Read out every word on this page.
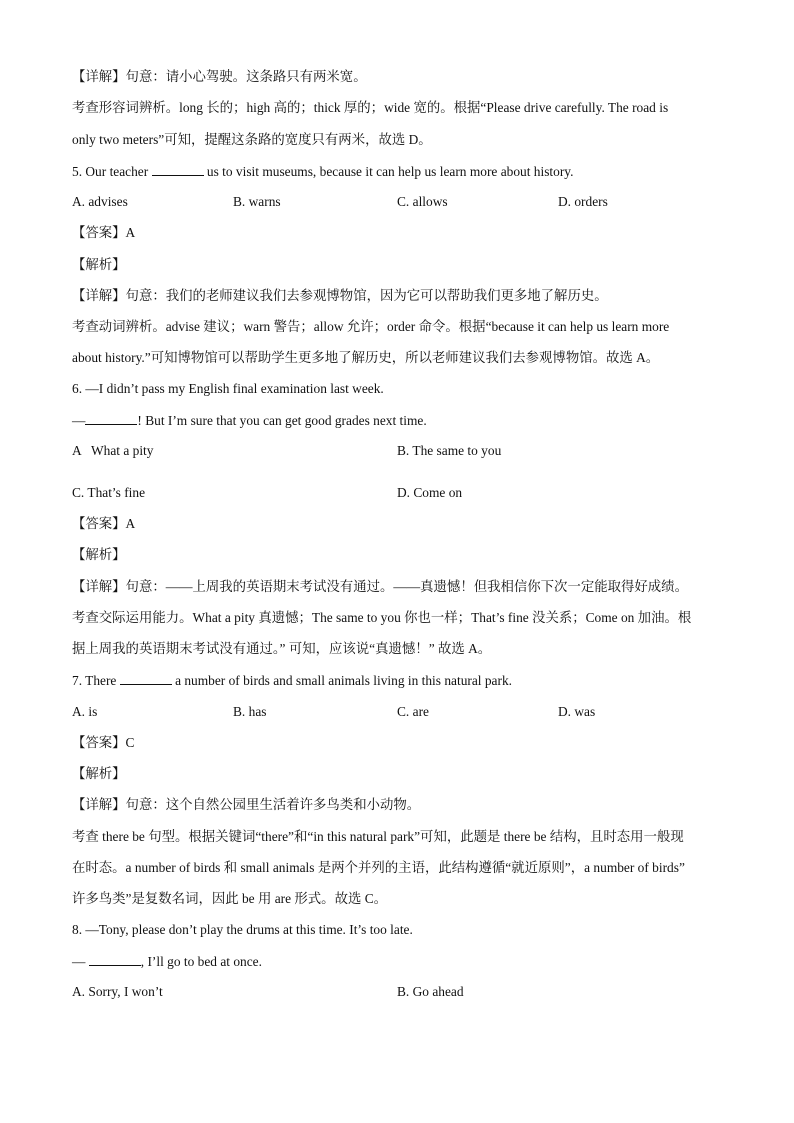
【详解】句意：请小心驾驶。这条路只有两米宽。
考查形容词辨析。long 长的；high 高的；thick 厚的；wide 宽的。根据“Please drive carefully. The road is
only two meters”可知，提醒这条路的宽度只有两米，故选 D。
5. Our teacher	us to visit museums, because it can help us learn more about history.
A. advises	B. warns	C. allows	D. orders
【答案】A
【解析】
【详解】句意：我们的老师建议我们去参观博物馆，因为它可以帮助我们更多地了解历史。
考查动词辨析。advise 建议；warn 警告；allow 允许；order 命令。根据“because it can help us learn more
about history.”可知博物馆可以帮助学生更多地了解历史，所以老师建议我们去参观博物馆。故选 A。
6. —I didn’t pass my English final examination last week.
—	! But I’m sure that you can get good grades next time.
A What a pity	B. The same to you
C. That’s fine	D. Come on
【答案】A
【解析】
【详解】句意：——上周我的英语期末考试没有通过。——真遗憾！但我相信你下次一定能取得好成绩。
考查交际运用能力。What a pity 真遗憾；The same to you 你也一样；That’s fine 没关系；Come on 加油。根
据上周我的英语期末考试没有通过。” 可知，应该说“真遗憾！” 故选 A。
7. There	a number of birds and small animals living in this natural park.
A. is	B. has	C. are	D. was
【答案】C
【解析】
【详解】句意：这个自然公园里生活着许多鸟类和小动物。
考查 there be 句型。根据关键词“there”和“in this natural park”可知，此题是 there be 结构，且时态用一般现
在时态。a number of birds 和 small animals 是两个并列的主语，此结构遵循“就近原则”，a number of birds”
许多鸟类”是复数名词，因此 be 用 are 形式。故选 C。
8. —Tony, please don’t play the drums at this time. It’s too late.
—	, I’ll go to bed at once.
A. Sorry, I won’t	B. Go ahead
